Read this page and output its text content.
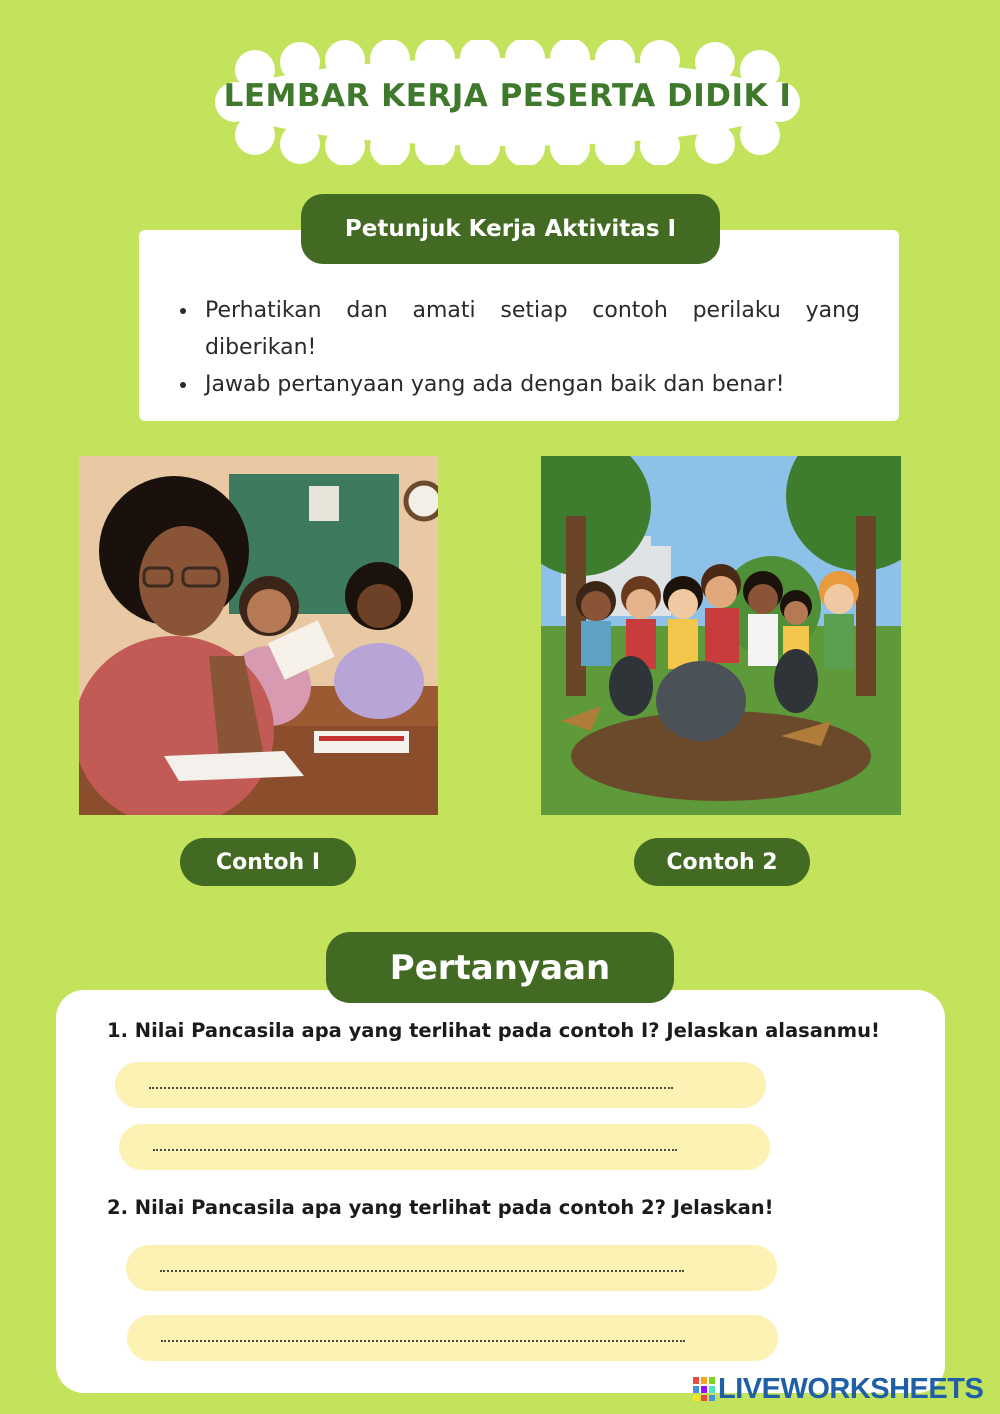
LEMBAR KERJA PESERTA DIDIK I
Petunjuk Kerja Aktivitas I
Perhatikan dan amati setiap contoh perilaku yang diberikan!
Jawab pertanyaan yang ada dengan baik dan benar!
Contoh I	Contoh 2
Pertanyaan
1. Nilai Pancasila apa yang terlihat pada contoh I? Jelaskan alasanmu!
2. Nilai Pancasila apa yang terlihat pada contoh 2? Jelaskan!
LIVEWORKSHEETS
